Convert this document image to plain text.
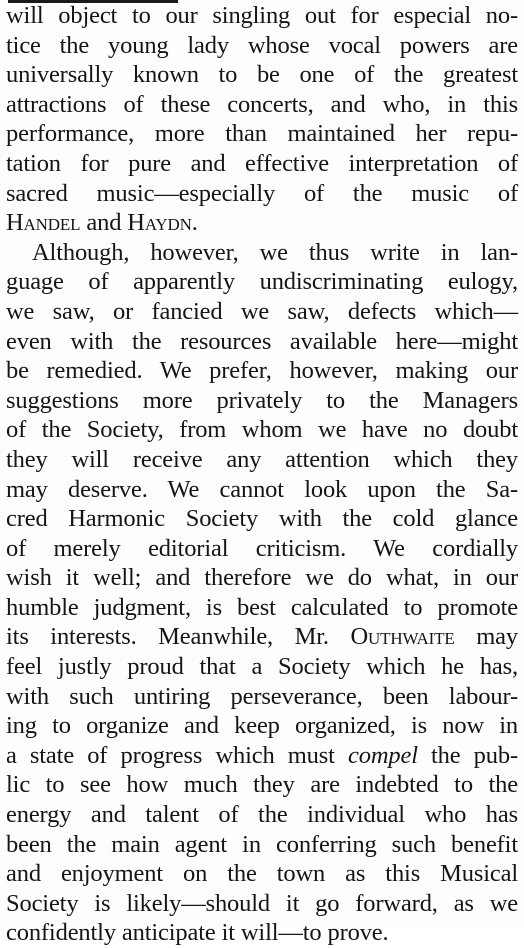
will object to our singling out for especial no-
tice the young lady whose vocal powers are
universally known to be one of the greatest
attractions of these concerts, and who, in this
performance, more than maintained her repu-
tation for pure and effective interpretation of
sacred music—especially of the music of
Handel and Haydn.
Although, however, we thus write in lan-
guage of apparently undiscriminating eulogy,
we saw, or fancied we saw, defects which—
even with the resources available here—might
be remedied. We prefer, however, making our
suggestions more privately to the Managers
of the Society, from whom we have no doubt
they will receive any attention which they
may deserve. We cannot look upon the Sa-
cred Harmonic Society with the cold glance
of merely editorial criticism. We cordially
wish it well; and therefore we do what, in our
humble judgment, is best calculated to promote
its interests. Meanwhile, Mr. Outhwaite may
feel justly proud that a Society which he has,
with such untiring perseverance, been labour-
ing to organize and keep organized, is now in
a state of progress which must compel the pub-
lic to see how much they are indebted to the
energy and talent of the individual who has
been the main agent in conferring such benefit
and enjoyment on the town as this Musical
Society is likely—should it go forward, as we
confidently anticipate it will—to prove.
